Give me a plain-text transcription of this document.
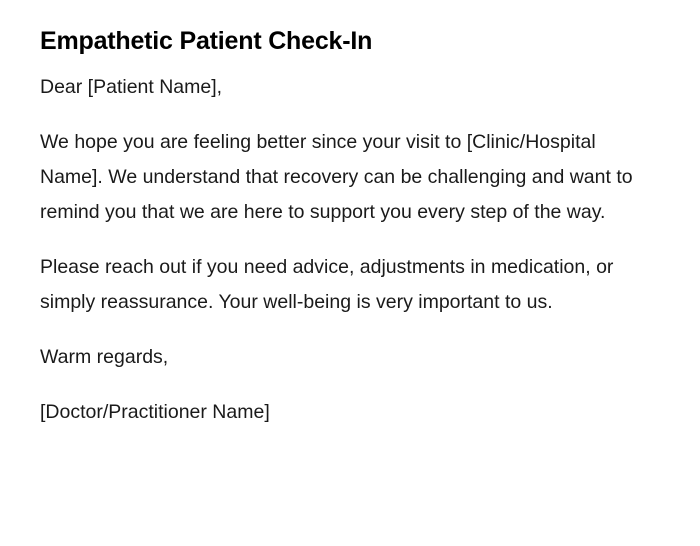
Empathetic Patient Check-In

Dear [Patient Name],

We hope you are feeling better since your visit to [Clinic/Hospital Name]. We understand that recovery can be challenging and want to remind you that we are here to support you every step of the way.

Please reach out if you need advice, adjustments in medication, or simply reassurance. Your well-being is very important to us.

Warm regards,

[Doctor/Practitioner Name]
